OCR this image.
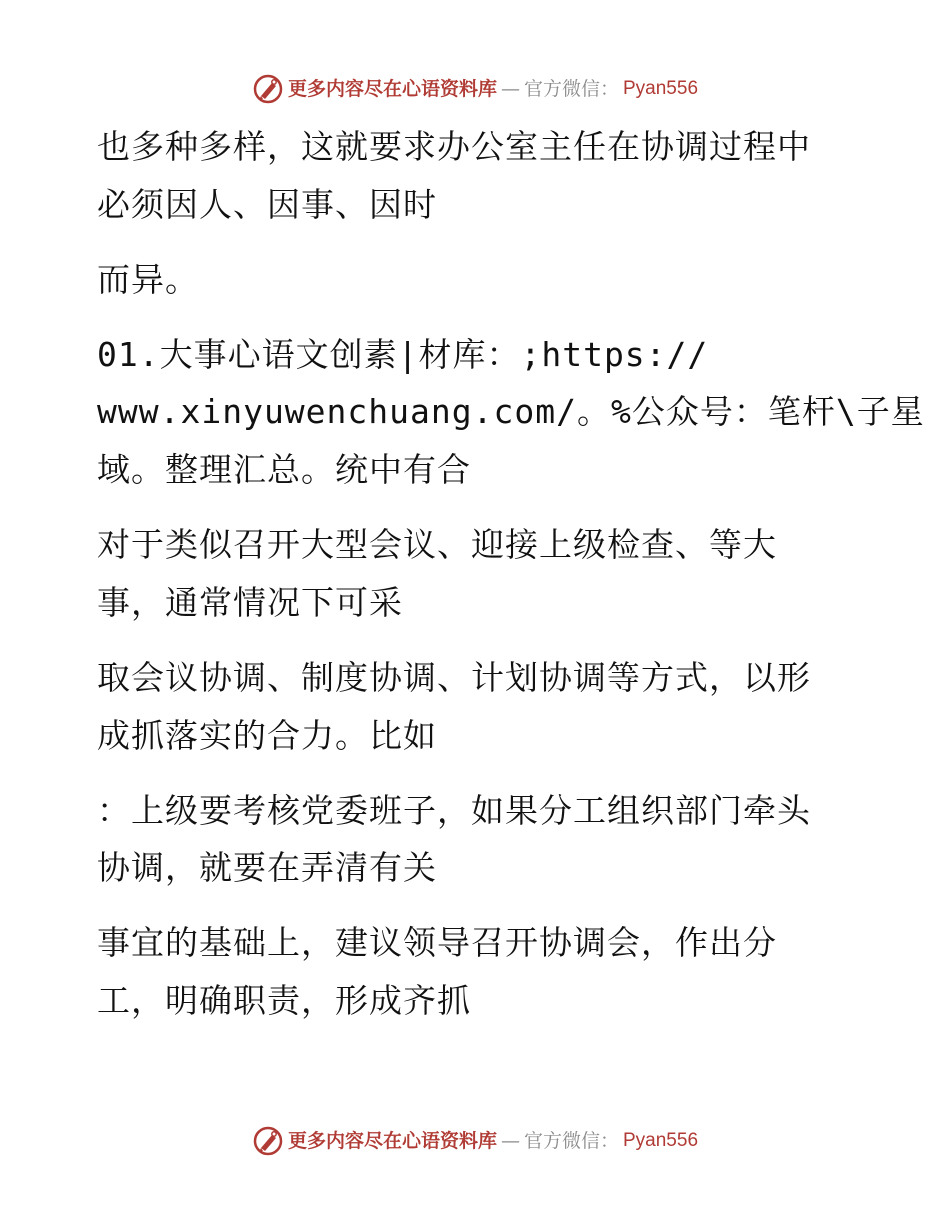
更多内容尽在心语资料库 — 官方微信： Pyan556
也多种多样，这就要求办公室主任在协调过程中
必须因人、因事、因时
而异。
01.大事心语文创素|材库：;https://
www.xinyuwenchuang.com/。%公众号：笔杆\子星
域。整理汇总。统中有合
对于类似召开大型会议、迎接上级检查、等大
事，通常情况下可采
取会议协调、制度协调、计划协调等方式，以形
成抓落实的合力。比如
：上级要考核党委班子，如果分工组织部门牵头
协调，就要在弄清有关
事宜的基础上，建议领导召开协调会，作出分
工，明确职责，形成齐抓
更多内容尽在心语资料库 — 官方微信： Pyan556
